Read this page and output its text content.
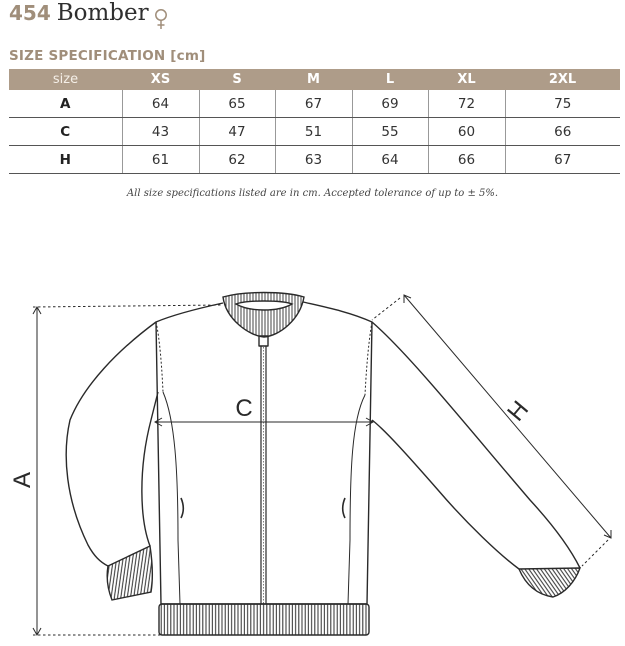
454 Bomber
SIZE SPECIFICATION [cm]
size	XS	S	M	L	XL	2XL
A	64	65	67	69	72	75
C	43	47	51	55	60	66
H	61	62	63	64	66	67
All size specifications listed are in cm. Accepted tolerance of up to ± 5%.
A
C	H
